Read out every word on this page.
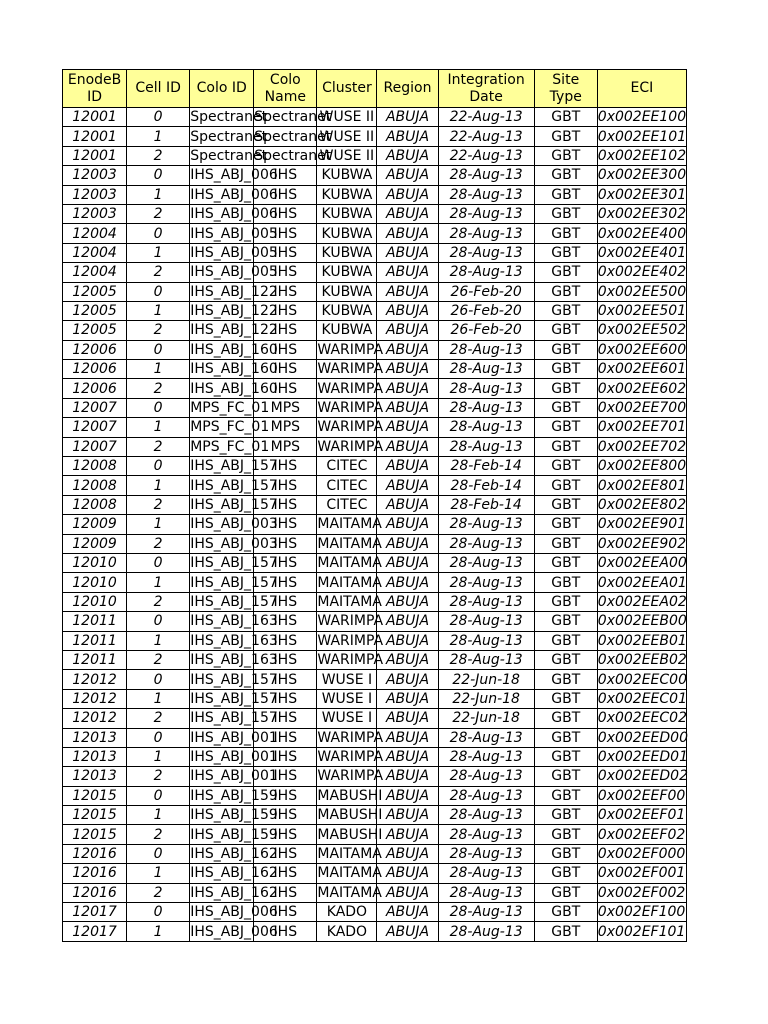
EnodeB ID	Cell ID	Colo ID	Colo Name	Cluster	Region	Integration Date	Site Type	ECI
12001	0	Spectranet	Spectranet	WUSE II	ABUJA	22-Aug-13	GBT	0x002EE100
12001	1	Spectranet	Spectranet	WUSE II	ABUJA	22-Aug-13	GBT	0x002EE101
12001	2	Spectranet	Spectranet	WUSE II	ABUJA	22-Aug-13	GBT	0x002EE102
12003	0	IHS_ABJ_006	IHS	KUBWA	ABUJA	28-Aug-13	GBT	0x002EE300
12003	1	IHS_ABJ_006	IHS	KUBWA	ABUJA	28-Aug-13	GBT	0x002EE301
12003	2	IHS_ABJ_006	IHS	KUBWA	ABUJA	28-Aug-13	GBT	0x002EE302
12004	0	IHS_ABJ_005	IHS	KUBWA	ABUJA	28-Aug-13	GBT	0x002EE400
12004	1	IHS_ABJ_005	IHS	KUBWA	ABUJA	28-Aug-13	GBT	0x002EE401
12004	2	IHS_ABJ_005	IHS	KUBWA	ABUJA	28-Aug-13	GBT	0x002EE402
12005	0	IHS_ABJ_122	IHS	KUBWA	ABUJA	26-Feb-20	GBT	0x002EE500
12005	1	IHS_ABJ_122	IHS	KUBWA	ABUJA	26-Feb-20	GBT	0x002EE501
12005	2	IHS_ABJ_122	IHS	KUBWA	ABUJA	26-Feb-20	GBT	0x002EE502
12006	0	IHS_ABJ_160	IHS	WARIMPA	ABUJA	28-Aug-13	GBT	0x002EE600
12006	1	IHS_ABJ_160	IHS	WARIMPA	ABUJA	28-Aug-13	GBT	0x002EE601
12006	2	IHS_ABJ_160	IHS	WARIMPA	ABUJA	28-Aug-13	GBT	0x002EE602
12007	0	MPS_FC_01	MPS	WARIMPA	ABUJA	28-Aug-13	GBT	0x002EE700
12007	1	MPS_FC_01	MPS	WARIMPA	ABUJA	28-Aug-13	GBT	0x002EE701
12007	2	MPS_FC_01	MPS	WARIMPA	ABUJA	28-Aug-13	GBT	0x002EE702
12008	0	IHS_ABJ_157	IHS	CITEC	ABUJA	28-Feb-14	GBT	0x002EE800
12008	1	IHS_ABJ_157	IHS	CITEC	ABUJA	28-Feb-14	GBT	0x002EE801
12008	2	IHS_ABJ_157	IHS	CITEC	ABUJA	28-Feb-14	GBT	0x002EE802
12009	1	IHS_ABJ_003	IHS	MAITAMA	ABUJA	28-Aug-13	GBT	0x002EE901
12009	2	IHS_ABJ_003	IHS	MAITAMA	ABUJA	28-Aug-13	GBT	0x002EE902
12010	0	IHS_ABJ_157	IHS	MAITAMA	ABUJA	28-Aug-13	GBT	0x002EEA00
12010	1	IHS_ABJ_157	IHS	MAITAMA	ABUJA	28-Aug-13	GBT	0x002EEA01
12010	2	IHS_ABJ_157	IHS	MAITAMA	ABUJA	28-Aug-13	GBT	0x002EEA02
12011	0	IHS_ABJ_163	IHS	WARIMPA	ABUJA	28-Aug-13	GBT	0x002EEB00
12011	1	IHS_ABJ_163	IHS	WARIMPA	ABUJA	28-Aug-13	GBT	0x002EEB01
12011	2	IHS_ABJ_163	IHS	WARIMPA	ABUJA	28-Aug-13	GBT	0x002EEB02
12012	0	IHS_ABJ_157	IHS	WUSE I	ABUJA	22-Jun-18	GBT	0x002EEC00
12012	1	IHS_ABJ_157	IHS	WUSE I	ABUJA	22-Jun-18	GBT	0x002EEC01
12012	2	IHS_ABJ_157	IHS	WUSE I	ABUJA	22-Jun-18	GBT	0x002EEC02
12013	0	IHS_ABJ_001	IHS	WARIMPA	ABUJA	28-Aug-13	GBT	0x002EED00
12013	1	IHS_ABJ_001	IHS	WARIMPA	ABUJA	28-Aug-13	GBT	0x002EED01
12013	2	IHS_ABJ_001	IHS	WARIMPA	ABUJA	28-Aug-13	GBT	0x002EED02
12015	0	IHS_ABJ_159	IHS	MABUSHI	ABUJA	28-Aug-13	GBT	0x002EEF00
12015	1	IHS_ABJ_159	IHS	MABUSHI	ABUJA	28-Aug-13	GBT	0x002EEF01
12015	2	IHS_ABJ_159	IHS	MABUSHI	ABUJA	28-Aug-13	GBT	0x002EEF02
12016	0	IHS_ABJ_162	IHS	MAITAMA	ABUJA	28-Aug-13	GBT	0x002EF000
12016	1	IHS_ABJ_162	IHS	MAITAMA	ABUJA	28-Aug-13	GBT	0x002EF001
12016	2	IHS_ABJ_162	IHS	MAITAMA	ABUJA	28-Aug-13	GBT	0x002EF002
12017	0	IHS_ABJ_006	IHS	KADO	ABUJA	28-Aug-13	GBT	0x002EF100
12017	1	IHS_ABJ_006	IHS	KADO	ABUJA	28-Aug-13	GBT	0x002EF101
